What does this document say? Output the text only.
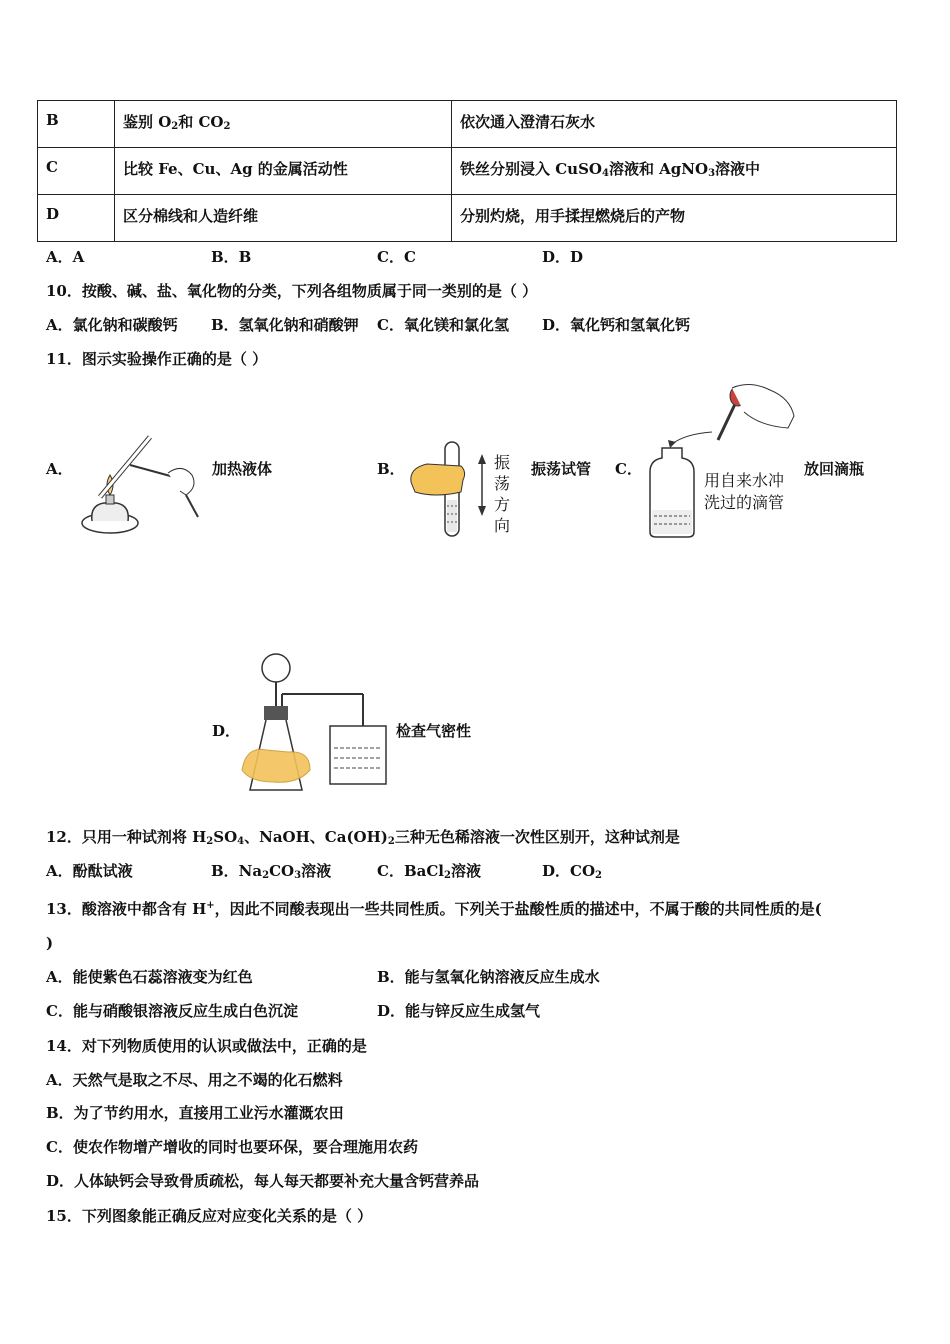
B	鉴别 $O_2$和 $CO_2$	依次通入澄清石灰水
C	比较 Fe、Cu、Ag 的金属活动性	铁丝分别浸入 CuSO$_4$溶液和 AgNO$_3$溶液中
D	区分棉线和人造纤维	分别灼烧，用手揉捏燃烧后的产物
A．A	B．B	C．C	D．D
10．按酸、碱、盐、氧化物的分类，下列各组物质属于同一类别的是（ ）
A．氯化钠和碳酸钙 B．氢氧化钠和硝酸钾 C．氧化镁和氯化氢 D．氧化钙和氢氧化钙
11．图示实验操作正确的是（ ）
A．	加热液体	B．	振
荡
方
向
振荡试管 C．
用自来水冲
洗过的滴管
放回滴瓶
D．	检查气密性
12．只用一种试剂将 $H_2SO_4$、NaOH、$Ca(OH)_2$三种无色稀溶液一次性区别开，这种试剂是
A．酚酞试液	B．$Na_2CO_3$溶液	C．BaCl$_2$溶液	D．$CO_2$
13．酸溶液中都含有 H+，因此不同酸表现出一些共同性质。下列关于盐酸性质的描述中，不属于酸的共同性质的是(
)
A．能使紫色石蕊溶液变为红色	B．能与氢氧化钠溶液反应生成水
C．能与硝酸银溶液反应生成白色沉淀	D．能与锌反应生成氢气
14．对下列物质使用的认识或做法中，正确的是
A．天然气是取之不尽、用之不竭的化石燃料
B．为了节约用水，直接用工业污水灌溉农田
C．使农作物增产增收的同时也要环保，要合理施用农药
D．人体缺钙会导致骨质疏松，每人每天都要补充大量含钙营养品
15．下列图象能正确反应对应变化关系的是（ ）
